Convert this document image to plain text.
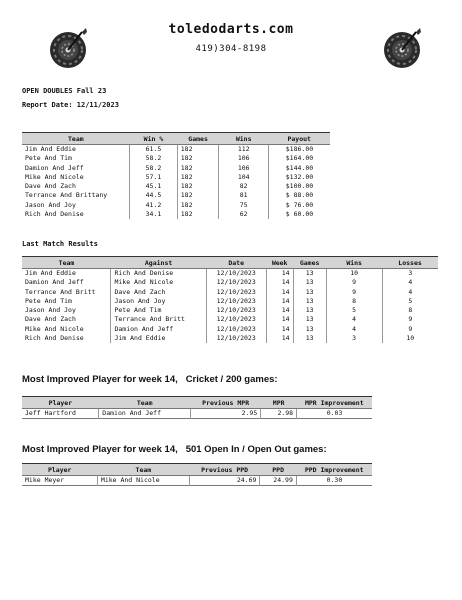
toledodarts.com
419)304-8198
OPEN DOUBLES Fall 23
Report Date: 12/11/2023
Team	Win %	Games	Wins	Payout
Jim And Eddie	61.5	182	112	$186.00
Pete And Tim	58.2	182	106	$164.00
Damion And Jeff	58.2	182	106	$144.00
Mike And Nicole	57.1	182	104	$132.00
Dave And Zach	45.1	182	82	$100.00
Terrance And Brittany	44.5	182	81	$ 88.00
Jason And Joy	41.2	182	75	$ 76.00
Rich And Denise	34.1	182	62	$ 60.00
Last Match Results
Team	Against	Date	Week	Games	Wins	Losses
Jim And Eddie	Rich And Denise	12/10/2023	14	13	10	3
Damion And Jeff	Mike And Nicole	12/10/2023	14	13	9	4
Terrance And Britt	Dave And Zach	12/10/2023	14	13	9	4
Pete And Tim	Jason And Joy	12/10/2023	14	13	8	5
Jason And Joy	Pete And Tim	12/10/2023	14	13	5	8
Dave And Zach	Terrance And Britt	12/10/2023	14	13	4	9
Mike And Nicole	Damion And Jeff	12/10/2023	14	13	4	9
Rich And Denise	Jim And Eddie	12/10/2023	14	13	3	10
Most Improved Player for week 14, Cricket / 200 games:
Player	Team	Previous MPR	MPR	MPR Improvement
Jeff Hartford	Damion And Jeff	2.95	2.98	0.03
Most Improved Player for week 14, 501 Open In / Open Out games:
Player	Team	Previous PPD	PPD	PPD Improvement
Mike Meyer	Mike And Nicole	24.69	24.99	0.30
